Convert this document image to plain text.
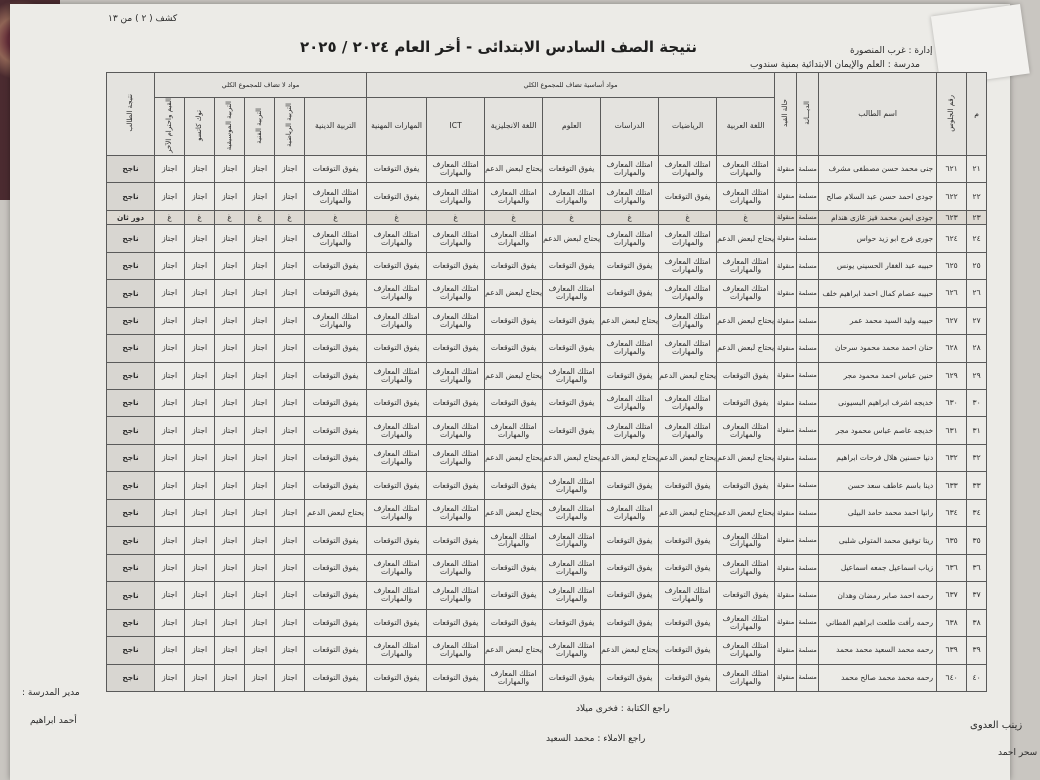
كشف ( ٢ ) من ١٣
نتيجة الصف السادس الابتدائى - أخر العام ٢٠٢٤ / ٢٠٢٥	إدارة : غرب المنصورة
مدرسة : العلم والإيمان الابتدائية بمنية سندوب
م	رقم الجلوس	اسم الطالب	الديـــانة	حالة القيد	مواد أساسية تضاف للمجموع الكلي							مواد لا تضاف للمجموع الكلي						نتيجة الطالب
					اللغة العربية	الرياضيات	الدراسات	العلوم	اللغة الانجليزية	ICT	المهارات المهنية	التربية الدينية	التربية الرياضية	التربية الفنية	التربية الموسيقية	توك كاتسو	القيم واحترام الآخر	
٢١	٦٢١	جنى محمد حسن مصطفى مشرف	مسلمة	منقولة	امتلك المعارف والمهارات	امتلك المعارف والمهارات	امتلك المعارف والمهارات	يفوق التوقعات	يحتاج لبعض الدعم	امتلك المعارف والمهارات	يفوق التوقعات	يفوق التوقعات	اجتاز	اجتاز	اجتاز	اجتاز	اجتاز	ناجح
٢٢	٦٢٢	جودى احمد حسن عبد السلام صالح	مسلمة	منقولة	امتلك المعارف والمهارات	يفوق التوقعات	امتلك المعارف والمهارات	امتلك المعارف والمهارات	امتلك المعارف والمهارات	امتلك المعارف والمهارات	يفوق التوقعات	امتلك المعارف والمهارات	اجتاز	اجتاز	اجتاز	اجتاز	اجتاز	ناجح
٢٣	٦٢٣	جودى ايمن محمد فيز غازى هندام	مسلمة	منقولة	غ	غ	غ	غ	غ	غ	غ	غ	غ	غ	غ	غ	غ	دور ثان
٢٤	٦٢٤	جورى فرج ابو زيد حواس	مسلمة	منقولة	يحتاج لبعض الدعم	امتلك المعارف والمهارات	امتلك المعارف والمهارات	يحتاج لبعض الدعم	امتلك المعارف والمهارات	امتلك المعارف والمهارات	امتلك المعارف والمهارات	امتلك المعارف والمهارات	اجتاز	اجتاز	اجتاز	اجتاز	اجتاز	ناجح
٢٥	٦٢٥	حبيبه عبد الغفار الحسيني يونس	مسلمة	منقولة	امتلك المعارف والمهارات	امتلك المعارف والمهارات	يفوق التوقعات	يفوق التوقعات	يفوق التوقعات	يفوق التوقعات	يفوق التوقعات	يفوق التوقعات	اجتاز	اجتاز	اجتاز	اجتاز	اجتاز	ناجح
٢٦	٦٢٦	حبيبه عصام كمال احمد ابراهيم خلف	مسلمة	منقولة	امتلك المعارف والمهارات	امتلك المعارف والمهارات	يفوق التوقعات	امتلك المعارف والمهارات	يحتاج لبعض الدعم	امتلك المعارف والمهارات	امتلك المعارف والمهارات	يفوق التوقعات	اجتاز	اجتاز	اجتاز	اجتاز	اجتاز	ناجح
٢٧	٦٢٧	حبيبه وليد السيد محمد عمر	مسلمة	منقولة	يحتاج لبعض الدعم	امتلك المعارف والمهارات	يحتاج لبعض الدعم	يفوق التوقعات	يفوق التوقعات	امتلك المعارف والمهارات	امتلك المعارف والمهارات	امتلك المعارف والمهارات	اجتاز	اجتاز	اجتاز	اجتاز	اجتاز	ناجح
٢٨	٦٢٨	حنان احمد محمد محمود سرحان	مسلمة	منقولة	يحتاج لبعض الدعم	امتلك المعارف والمهارات	امتلك المعارف والمهارات	يفوق التوقعات	يفوق التوقعات	يفوق التوقعات	يفوق التوقعات	يفوق التوقعات	اجتاز	اجتاز	اجتاز	اجتاز	اجتاز	ناجح
٢٩	٦٢٩	حنين عباس احمد محمود مجر	مسلمة	منقولة	يفوق التوقعات	يحتاج لبعض الدعم	يفوق التوقعات	امتلك المعارف والمهارات	يحتاج لبعض الدعم	امتلك المعارف والمهارات	امتلك المعارف والمهارات	يفوق التوقعات	اجتاز	اجتاز	اجتاز	اجتاز	اجتاز	ناجح
٣٠	٦٣٠	خديجه اشرف ابراهيم البسيونى	مسلمة	منقولة	يفوق التوقعات	امتلك المعارف والمهارات	امتلك المعارف والمهارات	يفوق التوقعات	يفوق التوقعات	يفوق التوقعات	يفوق التوقعات	يفوق التوقعات	اجتاز	اجتاز	اجتاز	اجتاز	اجتاز	ناجح
٣١	٦٣١	خديجه عاصم عباس محمود مجر	مسلمة	منقولة	امتلك المعارف والمهارات	امتلك المعارف والمهارات	امتلك المعارف والمهارات	يفوق التوقعات	امتلك المعارف والمهارات	امتلك المعارف والمهارات	امتلك المعارف والمهارات	يفوق التوقعات	اجتاز	اجتاز	اجتاز	اجتاز	اجتاز	ناجح
٣٢	٦٣٢	دنيا حسنين هلال فرحات ابراهيم	مسلمة	منقولة	يحتاج لبعض الدعم	يحتاج لبعض الدعم	يحتاج لبعض الدعم	يحتاج لبعض الدعم	يحتاج لبعض الدعم	امتلك المعارف والمهارات	امتلك المعارف والمهارات	يفوق التوقعات	اجتاز	اجتاز	اجتاز	اجتاز	اجتاز	ناجح
٣٣	٦٣٣	دينا باسم عاطف سعد حسن	مسلمة	منقولة	يفوق التوقعات	يفوق التوقعات	يفوق التوقعات	امتلك المعارف والمهارات	يفوق التوقعات	يفوق التوقعات	يفوق التوقعات	يفوق التوقعات	اجتاز	اجتاز	اجتاز	اجتاز	اجتاز	ناجح
٣٤	٦٣٤	رانيا احمد محمد حامد البيلى	مسلمة	منقولة	يحتاج لبعض الدعم	يحتاج لبعض الدعم	امتلك المعارف والمهارات	امتلك المعارف والمهارات	يحتاج لبعض الدعم	امتلك المعارف والمهارات	امتلك المعارف والمهارات	يحتاج لبعض الدعم	اجتاز	اجتاز	اجتاز	اجتاز	اجتاز	ناجح
٣٥	٦٣٥	ريتا توفيق محمد المتولى شلبى	مسلمة	منقولة	امتلك المعارف والمهارات	يفوق التوقعات	يفوق التوقعات	امتلك المعارف والمهارات	امتلك المعارف والمهارات	يفوق التوقعات	يفوق التوقعات	يفوق التوقعات	اجتاز	اجتاز	اجتاز	اجتاز	اجتاز	ناجح
٣٦	٦٣٦	زياب اسماعيل جمعه اسماعيل	مسلمة	منقولة	امتلك المعارف والمهارات	يفوق التوقعات	يفوق التوقعات	امتلك المعارف والمهارات	يفوق التوقعات	امتلك المعارف والمهارات	امتلك المعارف والمهارات	يفوق التوقعات	اجتاز	اجتاز	اجتاز	اجتاز	اجتاز	ناجح
٣٧	٦٣٧	رحمه احمد صابر رمضان وهدان	مسلمة	منقولة	يفوق التوقعات	امتلك المعارف والمهارات	يفوق التوقعات	امتلك المعارف والمهارات	يفوق التوقعات	امتلك المعارف والمهارات	امتلك المعارف والمهارات	يفوق التوقعات	اجتاز	اجتاز	اجتاز	اجتاز	اجتاز	ناجح
٣٨	٦٣٨	رحمه رأفت طلعت ابراهيم الفطاني	مسلمة	منقولة	امتلك المعارف والمهارات	يفوق التوقعات	يفوق التوقعات	يفوق التوقعات	يفوق التوقعات	يفوق التوقعات	يفوق التوقعات	يفوق التوقعات	اجتاز	اجتاز	اجتاز	اجتاز	اجتاز	ناجح
٣٩	٦٣٩	رحمه محمد السعيد محمد محمد	مسلمة	منقولة	امتلك المعارف والمهارات	يفوق التوقعات	يحتاج لبعض الدعم	امتلك المعارف والمهارات	يحتاج لبعض الدعم	امتلك المعارف والمهارات	امتلك المعارف والمهارات	يفوق التوقعات	اجتاز	اجتاز	اجتاز	اجتاز	اجتاز	ناجح
٤٠	٦٤٠	رحمه محمد محمد صالح محمد	مسلمة	منقولة	امتلك المعارف والمهارات	يفوق التوقعات	يفوق التوقعات	يفوق التوقعات	امتلك المعارف والمهارات	يفوق التوقعات	يفوق التوقعات	يفوق التوقعات	اجتاز	اجتاز	اجتاز	اجتاز	اجتاز	ناجح
زينب العدوى
سحر احمد
راجع الكتابة : فخرى ميلاد
راجع الاملاء : محمد السعيد
مدير المدرسة :
أحمد ابراهيم
